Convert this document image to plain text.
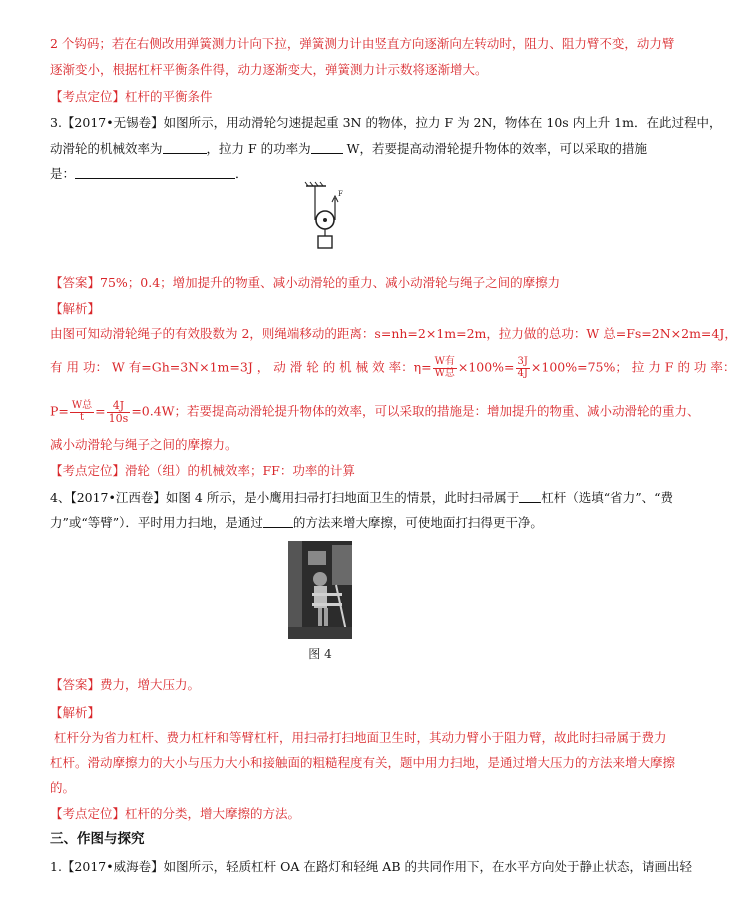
2 个钩码；若在右侧改用弹簧测力计向下拉，弹簧测力计由竖直方向逐渐向左转动时，阻力、阻力臂不变，动力臂
逐渐变小，根据杠杆平衡条件得，动力逐渐变大，弹簧测力计示数将逐渐增大。
【考点定位】杠杆的平衡条件
3.【2017•无锡卷】如图所示，用动滑轮匀速提起重 3N 的物体，拉力 F 为 2N，物体在 10s 内上升 1m．在此过程中，
动滑轮的机械效率为	，拉力 F 的功率为	W，若要提高动滑轮提升物体的效率，可以采取的措施
是：	．
F
【答案】75%；0.4；增加提升的物重、减小动滑轮的重力、减小动滑轮与绳子之间的摩擦力
【解析】
由图可知动滑轮绳子的有效股数为 2，则绳端移动的距离：s=nh=2×1m=2m，拉力做的总功：W 总=Fs=2N×2m=4J，
有 用 功： W 有=Gh=3N×1m=3J ， 动 滑 轮 的 机 械 效 率：$\eta= \frac{\text{W有}}{\text{W总}} \times 100\%= \frac{3J}{4J} \times 100\%=75\%$； 拉 力 F 的 功 率：
$P= \frac{\text{W总}}{t} = \frac{4J}{10s} =0.4W$；若要提高动滑轮提升物体的效率，可以采取的措施是：增加提升的物重、减小动滑轮的重力、
减小动滑轮与绳子之间的摩擦力。
【考点定位】滑轮（组）的机械效率；FF：功率的计算
4、【2017•江西卷】如图 4 所示，是小鹰用扫帚打扫地面卫生的情景，此时扫帚属于 杠杆（选填“省力”、“费
力”或“等臂”）．平时用力扫地，是通过 的方法来增大摩擦，可使地面打扫得更干净。
图 4
【答案】费力，增大压力。
【解析】
杠杆分为省力杠杆、费力杠杆和等臂杠杆，用扫帚打扫地面卫生时，其动力臂小于阻力臂，故此时扫帚属于费力
杠杆。滑动摩擦力的大小与压力大小和接触面的粗糙程度有关，题中用力扫地，是通过增大压力的方法来增大摩擦
的。
【考点定位】杠杆的分类，增大摩擦的方法。
三、作图与探究
1.【2017•威海卷】如图所示，轻质杠杆 OA 在路灯和轻绳 AB 的共同作用下，在水平方向处于静止状态，请画出轻
